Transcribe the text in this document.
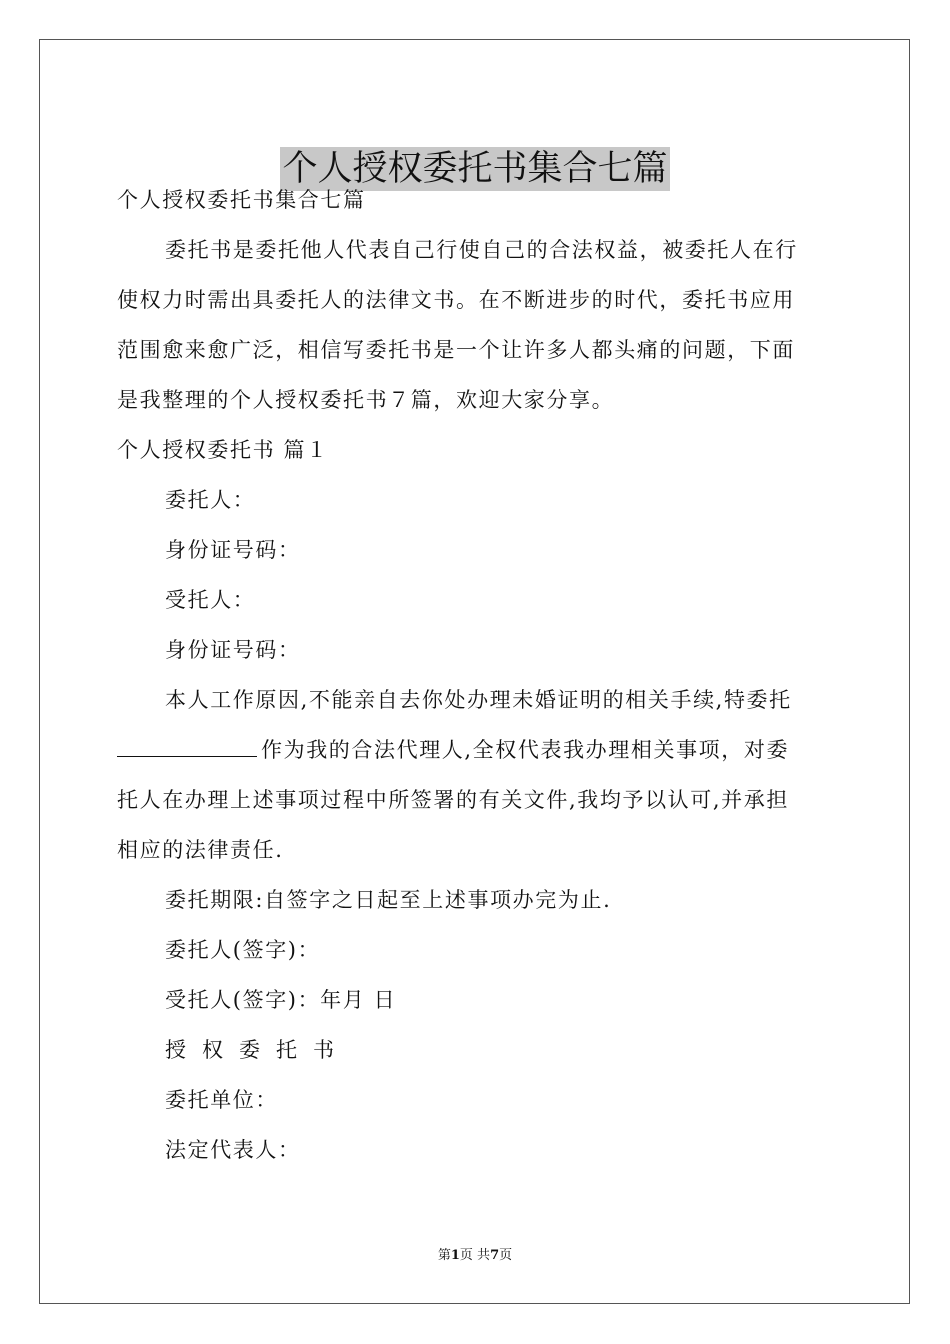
个人授权委托书集合七篇
个人授权委托书集合七篇
委托书是委托他人代表自己行使自己的合法权益，被委托人在行
使权力时需出具委托人的法律文书。在不断进步的时代，委托书应用
范围愈来愈广泛，相信写委托书是一个让许多人都头痛的问题，下面
是我整理的个人授权委托书７篇，欢迎大家分享。
个人授权委托书 篇１
委托人：
身份证号码：
受托人：
身份证号码：
本人工作原因,不能亲自去你处办理未婚证明的相关手续,特委托
作为我的合法代理人,全权代表我办理相关事项，对委
托人在办理上述事项过程中所签署的有关文件,我均予以认可,并承担
相应的法律责任.
委托期限:自签字之日起至上述事项办完为止.
委托人(签字)：
受托人(签字)：年月 日
授权委托书
委托单位：
法定代表人：
第1页 共7页
